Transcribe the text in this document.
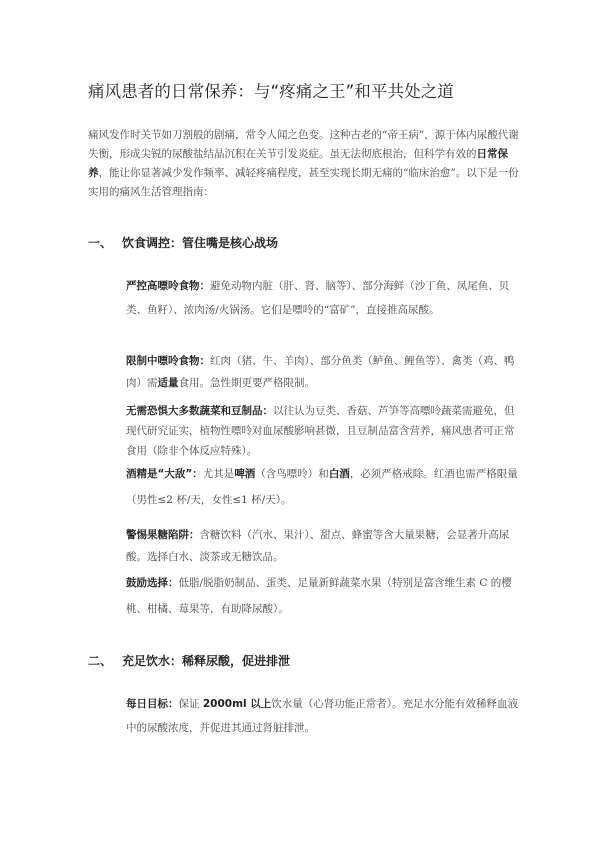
痛风患者的日常保养：与“疼痛之王”和平共处之道
痛风发作时关节如刀割般的剧痛，常令人闻之色变。这种古老的“帝王病”，源于体内尿酸代谢失衡，形成尖锐的尿酸盐结晶沉积在关节引发炎症。虽无法彻底根治，但科学有效的日常保养，能让你显著减少发作频率、减轻疼痛程度，甚至实现长期无痛的“临床治愈”。以下是一份实用的痛风生活管理指南：
一、 饮食调控：管住嘴是核心战场
严控高嘌呤食物：避免动物内脏（肝、肾、脑等）、部分海鲜（沙丁鱼、凤尾鱼、贝类、鱼籽）、浓肉汤/火锅汤。它们是嘌呤的“富矿”，直接推高尿酸。
限制中嘌呤食物：红肉（猪、牛、羊肉）、部分鱼类（鲈鱼、鲤鱼等）、禽类（鸡、鸭肉）需适量食用。急性期更要严格限制。
无需恐惧大多数蔬菜和豆制品：以往认为豆类、香菇、芦笋等高嘌呤蔬菜需避免，但现代研究证实，植物性嘌呤对血尿酸影响甚微，且豆制品富含营养，痛风患者可正常食用（除非个体反应特殊）。
酒精是“大敌”：尤其是啤酒（含鸟嘌呤）和白酒，必须严格戒除。红酒也需严格限量（男性≤2 杯/天，女性≤1 杯/天）。
警惕果糖陷阱：含糖饮料（汽水、果汁）、甜点、蜂蜜等含大量果糖，会显著升高尿酸。选择白水、淡茶或无糖饮品。
鼓励选择：低脂/脱脂奶制品、蛋类、足量新鲜蔬菜水果（特别是富含维生素 C 的樱桃、柑橘、莓果等，有助降尿酸）。
二、 充足饮水：稀释尿酸，促进排泄
每日目标：保证 2000ml 以上饮水量（心肾功能正常者）。充足水分能有效稀释血液中的尿酸浓度，并促进其通过肾脏排泄。
